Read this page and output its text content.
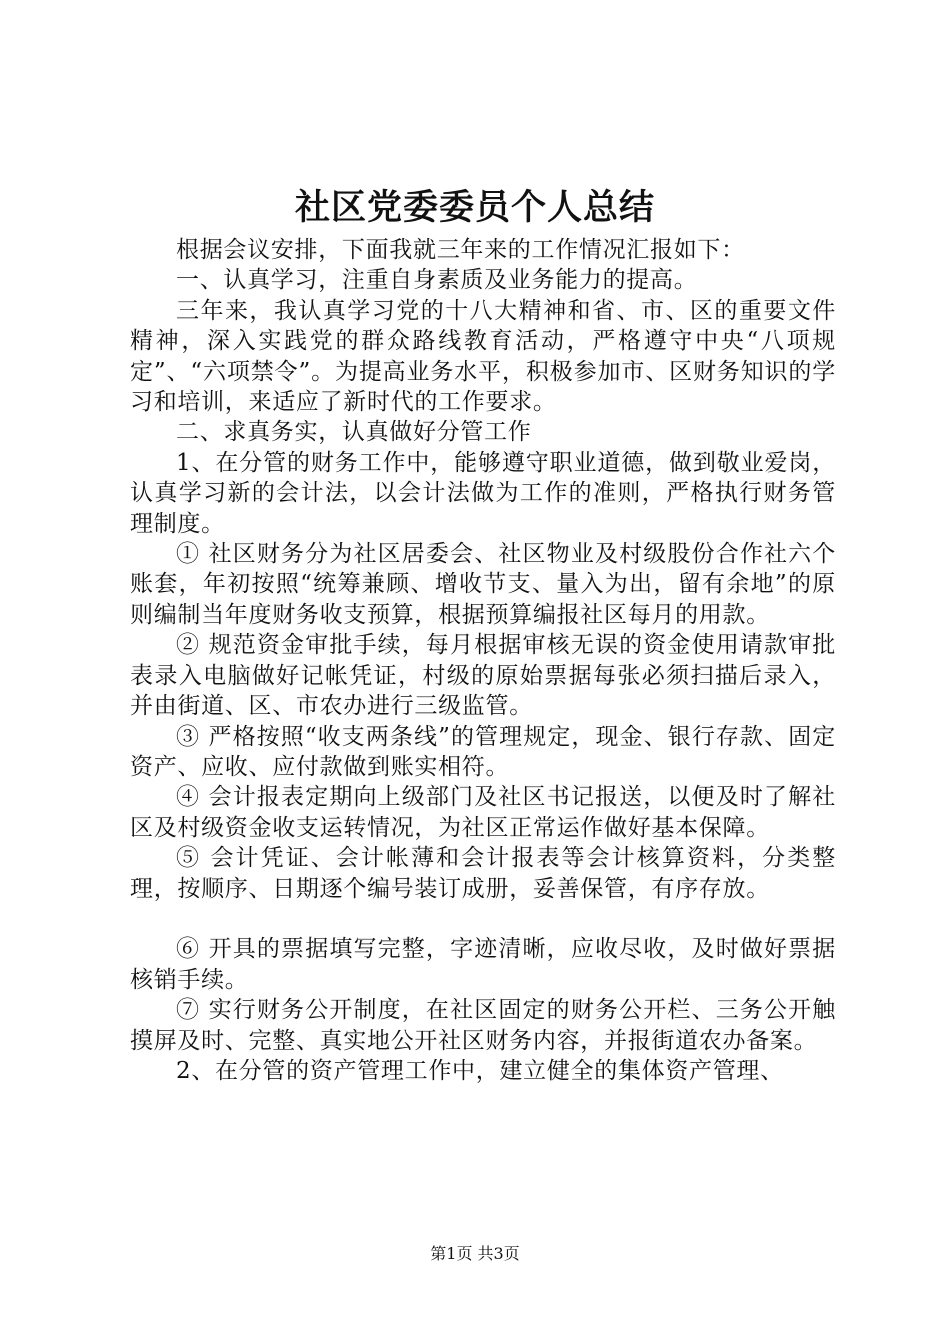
社区党委委员个人总结

根据会议安排，下面我就三年来的工作情况汇报如下：

一、认真学习，注重自身素质及业务能力的提高。

三年来，我认真学习党的十八大精神和省、市、区的重要文件精神，深入实践党的群众路线教育活动，严格遵守中央“八项规定”、“六项禁令”。为提高业务水平，积极参加市、区财务知识的学习和培训，来适应了新时代的工作要求。

二、求真务实，认真做好分管工作

1、在分管的财务工作中，能够遵守职业道德，做到敬业爱岗，认真学习新的会计法，以会计法做为工作的准则，严格执行财务管理制度。

① 社区财务分为社区居委会、社区物业及村级股份合作社六个账套，年初按照“统筹兼顾、增收节支、量入为出，留有余地”的原则编制当年度财务收支预算，根据预算编报社区每月的用款。

② 规范资金审批手续，每月根据审核无误的资金使用请款审批表录入电脑做好记帐凭证，村级的原始票据每张必须扫描后录入，并由街道、区、市农办进行三级监管。

③ 严格按照“收支两条线”的管理规定，现金、银行存款、固定资产、应收、应付款做到账实相符。

④ 会计报表定期向上级部门及社区书记报送，以便及时了解社区及村级资金收支运转情况，为社区正常运作做好基本保障。

⑤ 会计凭证、会计帐薄和会计报表等会计核算资料，分类整理，按顺序、日期逐个编号装订成册，妥善保管，有序存放。

⑥ 开具的票据填写完整，字迹清晰，应收尽收，及时做好票据核销手续。

⑦ 实行财务公开制度，在社区固定的财务公开栏、三务公开触摸屏及时、完整、真实地公开社区财务内容，并报街道农办备案。

2、在分管的资产管理工作中，建立健全的集体资产管理、

第1页 共3页
